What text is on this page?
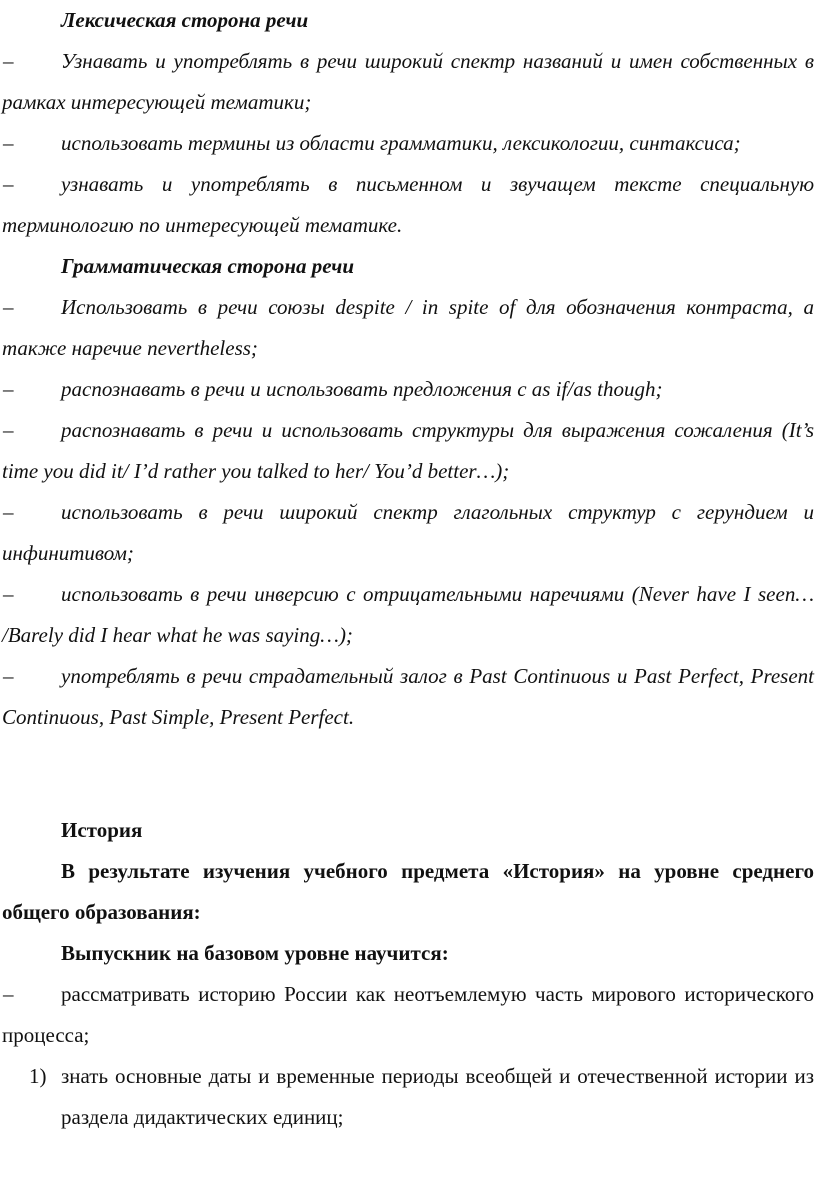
Лексическая сторона речи

–	Узнавать и употреблять в речи широкий спектр названий и имен собственных в рамках интересующей тематики;
–	использовать термины из области грамматики, лексикологии, синтаксиса;
–	узнавать и употреблять в письменном и звучащем тексте специальную терминологию по интересующей тематике.

Грамматическая сторона речи

–	Использовать в речи союзы despite / in spite of для обозначения контраста, а также наречие nevertheless;
–	распознавать в речи и использовать предложения с as if/as though;
–	распознавать в речи и использовать структуры для выражения сожаления (It’s time you did it/ I’d rather you talked to her/ You’d better…);
–	использовать в речи широкий спектр глагольных структур с герундием и инфинитивом;
–	использовать в речи инверсию с отрицательными наречиями (Never have I seen… /Barely did I hear what he was saying…);
–	употреблять в речи страдательный залог в Past Continuous и Past Perfect, Present Continuous, Past Simple, Present Perfect.

История

В результате изучения учебного предмета «История» на уровне среднего общего образования:

Выпускник на базовом уровне научится:

–	рассматривать историю России как неотъемлемую часть мирового исторического процесса;
1) знать основные даты и временные периоды всеобщей и отечественной истории из раздела дидактических единиц;
